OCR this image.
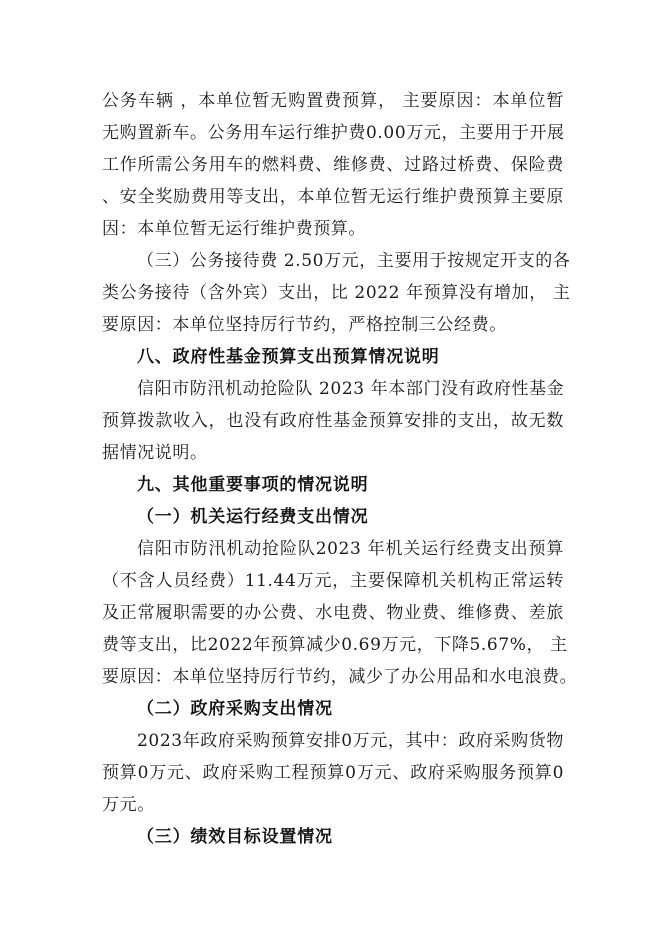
公务车辆 ，本单位暂无购置费预算， 主要原因：本单位暂
无购置新车。公务用车运行维护费0.00万元，主要用于开展
工作所需公务用车的燃料费、维修费、过路过桥费、保险费
、安全奖励费用等支出，本单位暂无运行维护费预算主要原
因：本单位暂无运行维护费预算。
（三）公务接待费 2.50万元，主要用于按规定开支的各
类公务接待（含外宾）支出，比 2022 年预算没有增加， 主
要原因：本单位坚持厉行节约，严格控制三公经费。
八、政府性基金预算支出预算情况说明
信阳市防汛机动抢险队 2023 年本部门没有政府性基金
预算拨款收入，也没有政府性基金预算安排的支出，故无数
据情况说明。
九、其他重要事项的情况说明
（一）机关运行经费支出情况
信阳市防汛机动抢险队2023 年机关运行经费支出预算
（不含人员经费）11.44万元，主要保障机关机构正常运转
及正常履职需要的办公费、水电费、物业费、维修费、差旅
费等支出，比2022年预算减少0.69万元，下降5.67%， 主
要原因：本单位坚持厉行节约，减少了办公用品和水电浪费。
（二）政府采购支出情况
2023年政府采购预算安排0万元，其中：政府采购货物
预算0万元、政府采购工程预算0万元、政府采购服务预算0
万元。
（三）绩效目标设置情况
